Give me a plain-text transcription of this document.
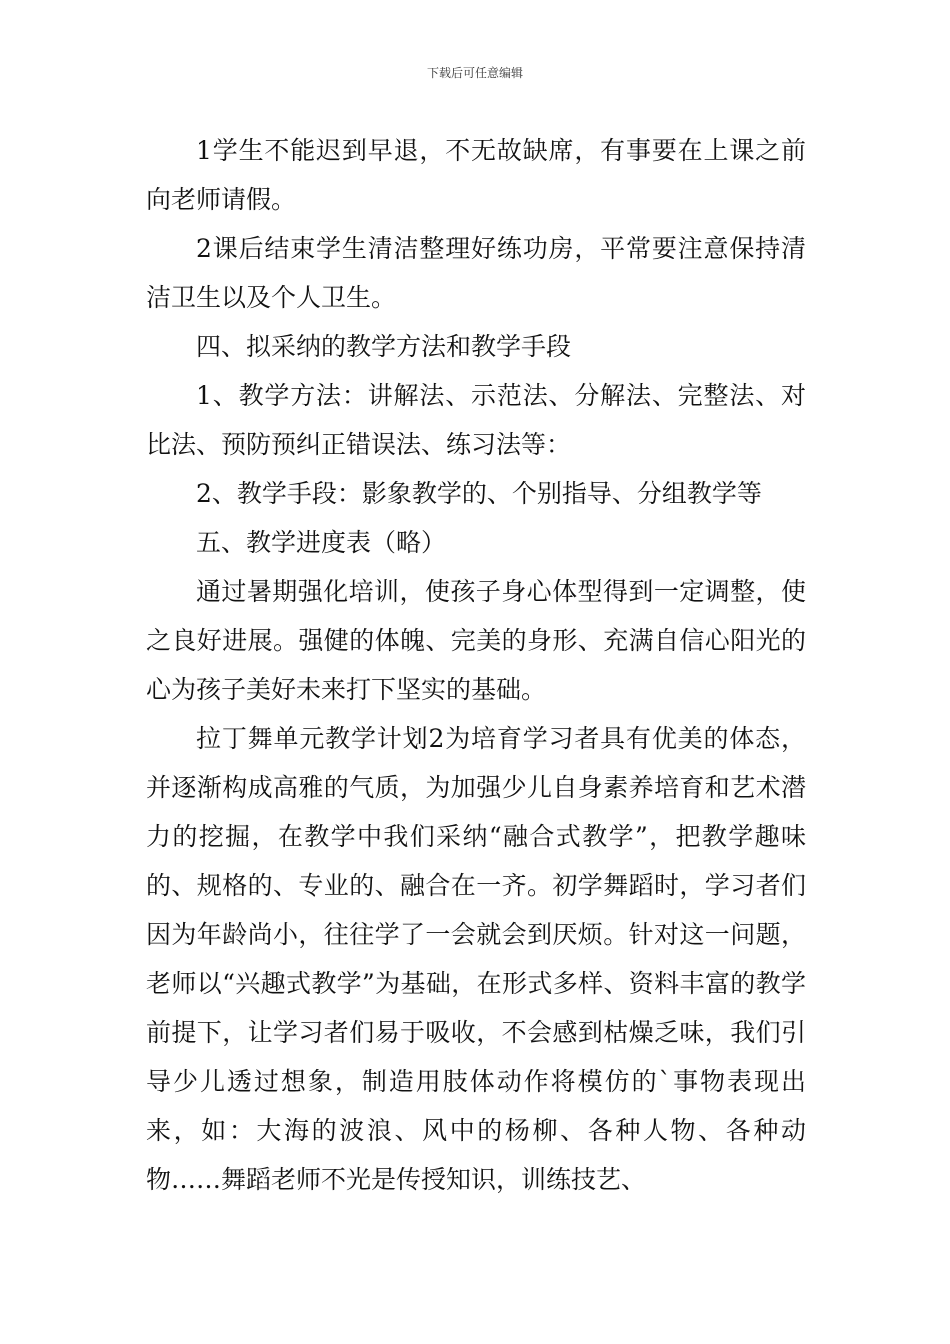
下载后可任意编辑

1学生不能迟到早退，不无故缺席，有事要在上课之前向老师请假。

2课后结束学生清洁整理好练功房，平常要注意保持清洁卫生以及个人卫生。

四、拟采纳的教学方法和教学手段

1、教学方法：讲解法、示范法、分解法、完整法、对比法、预防预纠正错误法、练习法等：

2、教学手段：影象教学的、个别指导、分组教学等

五、教学进度表（略）

通过暑期强化培训，使孩子身心体型得到一定调整，使之良好进展。强健的体魄、完美的身形、充满自信心阳光的心为孩子美好未来打下坚实的基础。

拉丁舞单元教学计划2为培育学习者具有优美的体态，并逐渐构成高雅的气质，为加强少儿自身素养培育和艺术潜力的挖掘，在教学中我们采纳“融合式教学”，把教学趣味的、规格的、专业的、融合在一齐。初学舞蹈时，学习者们因为年龄尚小，往往学了一会就会到厌烦。针对这一问题，老师以“兴趣式教学”为基础，在形式多样、资料丰富的教学前提下，让学习者们易于吸收，不会感到枯燥乏味，我们引导少儿透过想象，制造用肢体动作将模仿的`事物表现出来，如：大海的波浪、风中的杨柳、各种人物、各种动物……舞蹈老师不光是传授知识，训练技艺、
